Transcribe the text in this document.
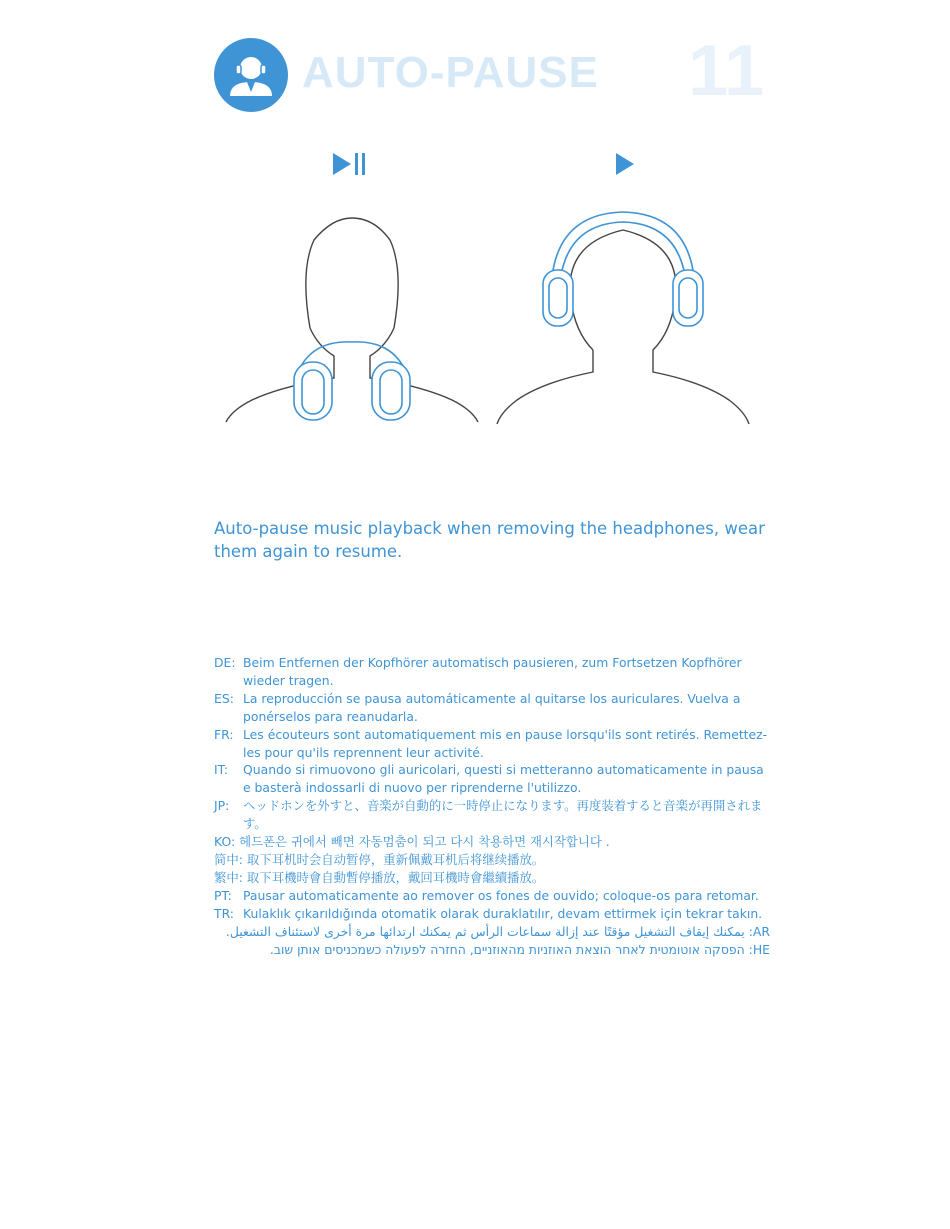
AUTO-PAUSE 11

Auto-pause music playback when removing the headphones, wear them again to resume.

DE: Beim Entfernen der Kopfhörer automatisch pausieren, zum Fortsetzen Kopfhörer wieder tragen.
ES: La reproducción se pausa automáticamente al quitarse los auriculares. Vuelva a ponérselos para reanudarla.
FR: Les écouteurs sont automatiquement mis en pause lorsqu'ils sont retirés. Remettez-les pour qu'ils reprennent leur activité.
IT: Quando si rimuovono gli auricolari, questi si metteranno automaticamente in pausa e basterà indossarli di nuovo per riprenderne l'utilizzo.
JP: ヘッドホンを外すと、音楽が自動的に一時停止になります。再度装着すると音楽が再開されます。
KO: 헤드폰은 귀에서 빼면 자동멈춤이 되고 다시 착용하면 재시작합니다 .
简中: 取下耳机时会自动暂停，重新佩戴耳机后将继续播放。
繁中: 取下耳機時會自動暫停播放，戴回耳機時會繼續播放。
PT: Pausar automaticamente ao remover os fones de ouvido; coloque-os para retomar.
TR: Kulaklık çıkarıldığında otomatik olarak duraklatılır, devam ettirmek için tekrar takın.
AR: يمكنك إيقاف التشغيل مؤقتًا عند إزالة سماعات الرأس ثم يمكنك ارتدائها مرة أخرى لاستئناف التشغيل.
HE: הפסקה אוטומטית לאחר הוצאת האוזניות מהאוזניים, החזרה לפעולה כשמכניסים אותן שוב.
